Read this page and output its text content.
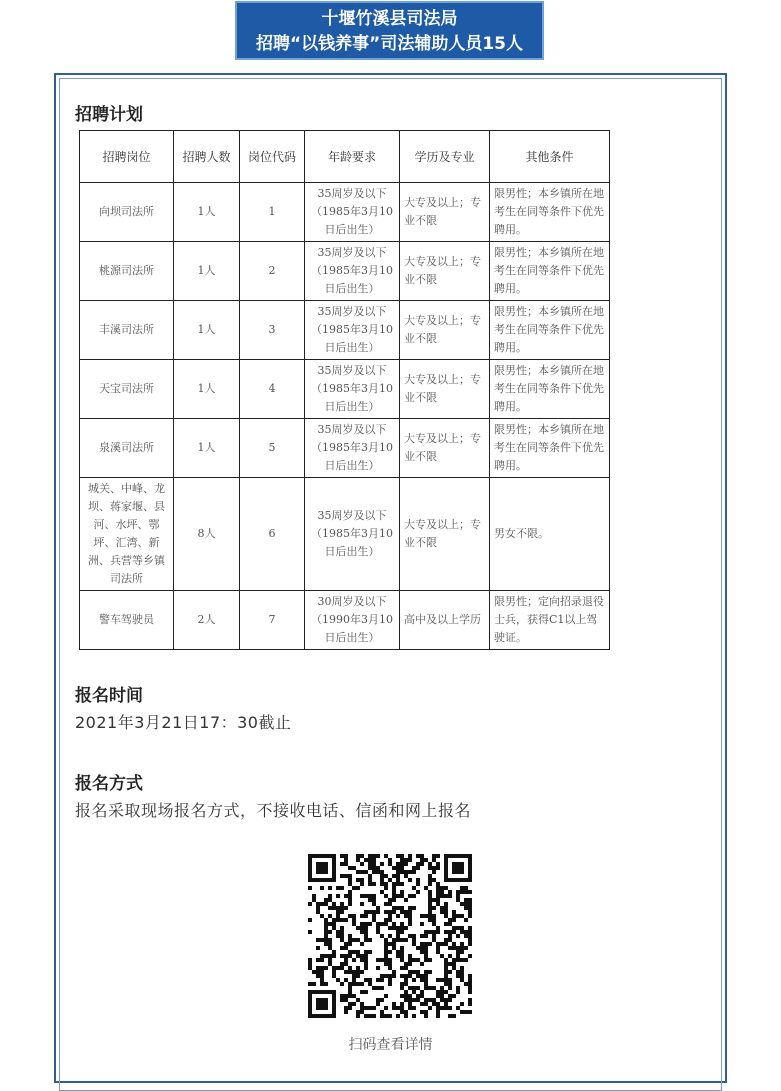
十堰竹溪县司法局
招聘“以钱养事”司法辅助人员15人
招聘计划
招聘岗位	招聘人数	岗位代码	年龄要求	学历及专业	其他条件
向坝司法所	1人	1	35周岁及以下（1985年3月10日后出生）	大专及以上；专业不限	限男性；本乡镇所在地考生在同等条件下优先聘用。
桃源司法所	1人	2	35周岁及以下（1985年3月10日后出生）	大专及以上；专业不限	限男性；本乡镇所在地考生在同等条件下优先聘用。
丰溪司法所	1人	3	35周岁及以下（1985年3月10日后出生）	大专及以上；专业不限	限男性；本乡镇所在地考生在同等条件下优先聘用。
天宝司法所	1人	4	35周岁及以下（1985年3月10日后出生）	大专及以上；专业不限	限男性；本乡镇所在地考生在同等条件下优先聘用。
泉溪司法所	1人	5	35周岁及以下（1985年3月10日后出生）	大专及以上；专业不限	限男性；本乡镇所在地考生在同等条件下优先聘用。
城关、中峰、龙坝、蒋家堰、县河、水坪、鄂坪、汇湾、新洲、兵营等乡镇司法所	8人	6	35周岁及以下（1985年3月10日后出生）	大专及以上；专业不限	男女不限。
警车驾驶员	2人	7	30周岁及以下（1990年3月10日后出生）	高中及以上学历	限男性；定向招录退役士兵，获得C1以上驾驶证。
报名时间
2021年3月21日17：30截止
报名方式
报名采取现场报名方式，不接收电话、信函和网上报名
扫码查看详情
